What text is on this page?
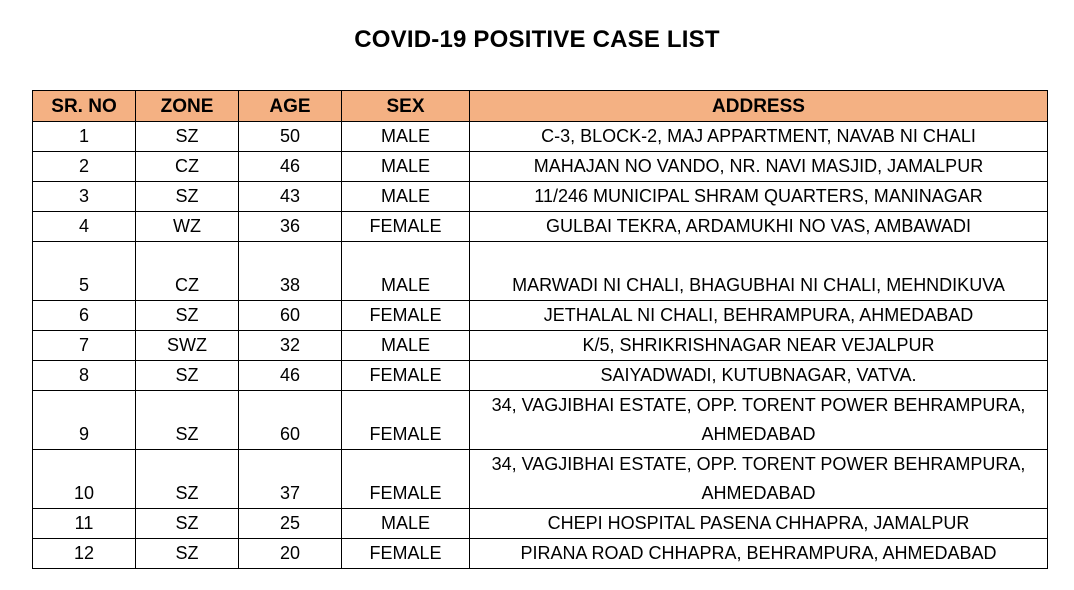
COVID-19 POSITIVE CASE LIST
SR. NO	ZONE	AGE	SEX	ADDRESS
1	SZ	50	MALE	C-3, BLOCK-2, MAJ APPARTMENT, NAVAB NI CHALI
2	CZ	46	MALE	MAHAJAN NO VANDO, NR. NAVI MASJID, JAMALPUR
3	SZ	43	MALE	11/246 MUNICIPAL SHRAM QUARTERS, MANINAGAR
4	WZ	36	FEMALE	GULBAI TEKRA, ARDAMUKHI NO VAS, AMBAWADI
5	CZ	38	MALE	MARWADI NI CHALI, BHAGUBHAI NI CHALI, MEHNDIKUVA
6	SZ	60	FEMALE	JETHALAL NI CHALI, BEHRAMPURA, AHMEDABAD
7	SWZ	32	MALE	K/5, SHRIKRISHNAGAR NEAR VEJALPUR
8	SZ	46	FEMALE	SAIYADWADI, KUTUBNAGAR, VATVA.
9	SZ	60	FEMALE	34, VAGJIBHAI ESTATE, OPP. TORENT POWER BEHRAMPURA, AHMEDABAD

10	SZ	37	FEMALE	34, VAGJIBHAI ESTATE, OPP. TORENT POWER BEHRAMPURA, AHMEDABAD

11	SZ	25	MALE	CHEPI HOSPITAL PASENA CHHAPRA, JAMALPUR
12	SZ	20	FEMALE	PIRANA ROAD CHHAPRA, BEHRAMPURA, AHMEDABAD
